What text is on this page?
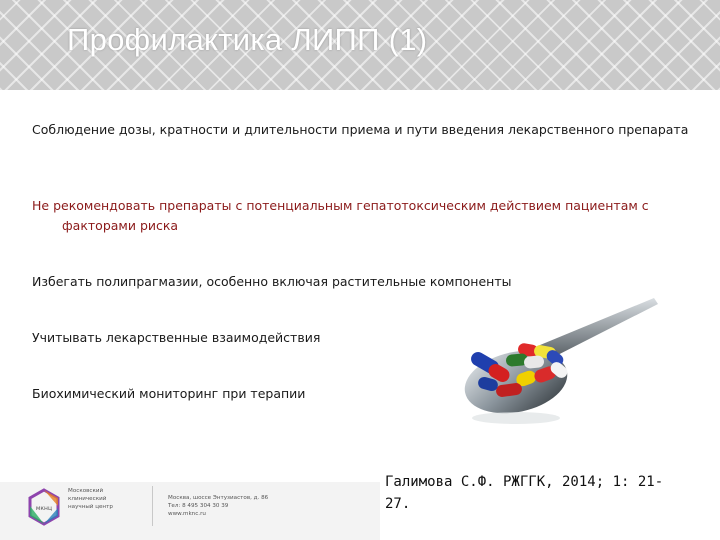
Профилактика ЛИПП (1)
Соблюдение дозы, кратности и длительности приема и пути введения лекарственного препарата
Не рекомендовать препараты с потенциальным гепатотоксическим действием пациентам с факторами риска
Избегать полипрагмазии, особенно включая растительные компоненты
Учитывать лекарственные взаимодействия
Биохимический мониторинг при терапии
Галимова С.Ф. РЖГГК, 2014; 1: 21-27.
мкнц
Московский
клинический
научный центр
Москва, шоссе Энтузиастов, д. 86
Тел: 8 495 304 30 39
www.mknc.ru
